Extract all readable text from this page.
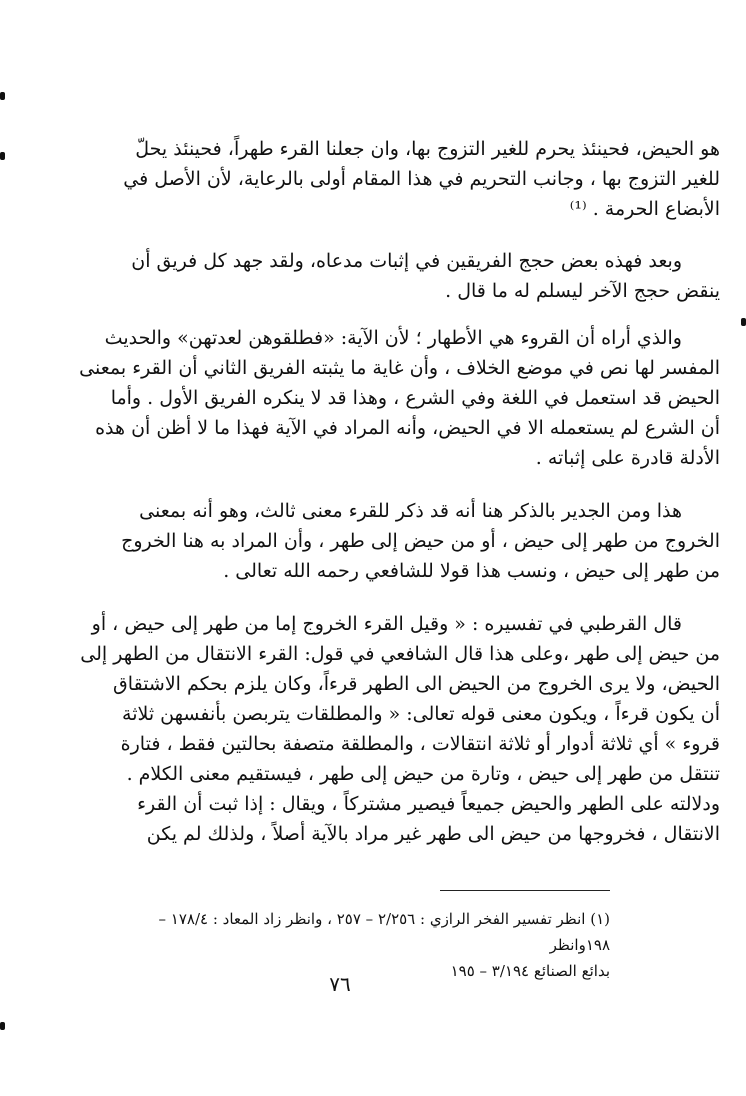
هو الحيض، فحينئذ يحرم للغير التزوج بها، وان جعلنا القرء طهراً، فحينئذ يحلّ
للغير التزوج بها ، وجانب التحريم في هذا المقام أولى بالرعاية، لأن الأصل في
الأبضاع الحرمة . ⁽¹⁾
وبعد فهذه بعض حجج الفريقين في إثبات مدعاه، ولقد جهد كل فريق أن
ينقض حجج الآخر ليسلم له ما قال .
والذي أراه أن القروء هي الأطهار ؛ لأن الآية: «فطلقوهن لعدتهن» والحديث
المفسر لها نص في موضع الخلاف ، وأن غاية ما يثبته الفريق الثاني أن القرء بمعنى
الحيض قد استعمل في اللغة وفي الشرع ، وهذا قد لا ينكره الفريق الأول . وأما
أن الشرع لم يستعمله الا في الحيض، وأنه المراد في الآية فهذا ما لا أظن أن هذه
الأدلة قادرة على إثباته .
هذا ومن الجدير بالذكر هنا أنه قد ذكر للقرء معنى ثالث، وهو أنه بمعنى
الخروج من طهر إلى حيض ، أو من حيض إلى طهر ، وأن المراد به هنا الخروج
من طهر إلى حيض ، ونسب هذا قولا للشافعي رحمه الله تعالى .
قال القرطبي في تفسيره : « وقيل القرء الخروج إما من طهر إلى حيض ، أو
من حيض إلى طهر ،وعلى هذا قال الشافعي في قول: القرء الانتقال من الطهر إلى
الحيض، ولا يرى الخروج من الحيض الى الطهر قرءاً، وكان يلزم بحكم الاشتقاق
أن يكون قرءاً ، ويكون معنى قوله تعالى: « والمطلقات يتربصن بأنفسهن ثلاثة
قروء » أي ثلاثة أدوار أو ثلاثة انتقالات ، والمطلقة متصفة بحالتين فقط ، فتارة
تنتقل من طهر إلى حيض ، وتارة من حيض إلى طهر ، فيستقيم معنى الكلام .
ودلالته على الطهر والحيض جميعاً فيصير مشتركاً ، ويقال : إذا ثبت أن القرء
الانتقال ، فخروجها من حيض الى طهر غير مراد بالآية أصلاً ، ولذلك لم يكن
(١) انظر تفسير الفخر الرازي : ٢/٢٥٦ – ٢٥٧ ، وانظر زاد المعاد : ١٧٨/٤ – ١٩٨وانظر
بدائع الصنائع ٣/١٩٤ – ١٩٥
٧٦
